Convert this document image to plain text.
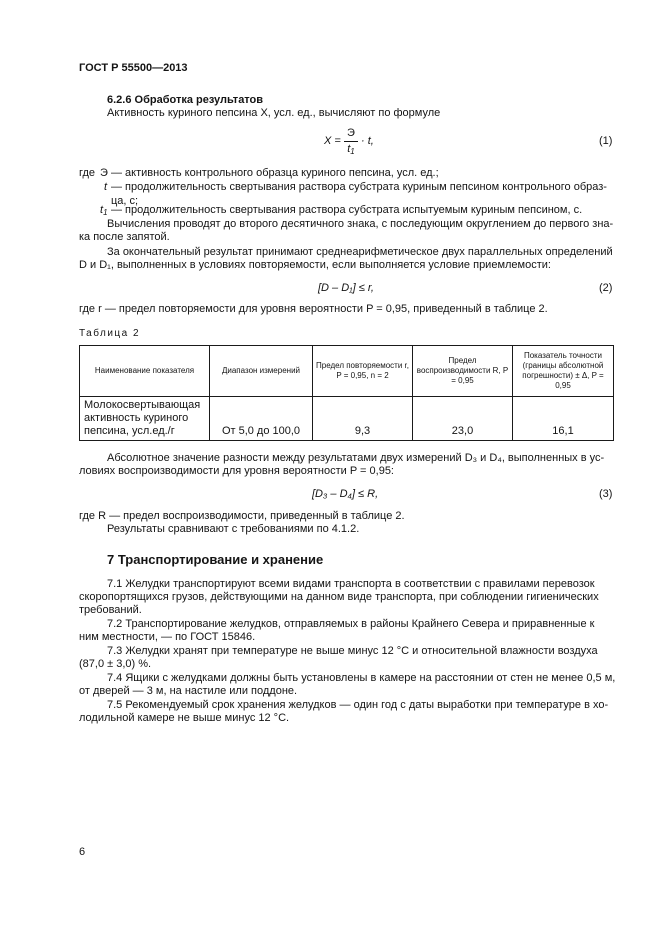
ГОСТ Р 55500—2013
6.2.6 Обработка результатов
Активность куриного пепсина X, усл. ед., вычисляют по формуле
X =
Э
$t_1$
· t,	(1)
где Э — активность контрольного образца куриного пепсина, усл. ед.;
t — продолжительность свертывания раствора субстрата куриным пепсином контрольного образ-
ца, с;
$t_1$ — продолжительность свертывания раствора субстрата испытуемым куриным пепсином, с.
Вычисления проводят до второго десятичного знака, с последующим округлением до первого зна-
ка после запятой.
За окончательный результат принимают среднеарифметическое двух параллельных определений
D и D₁, выполненных в условиях повторяемости, если выполняется условие приемлемости:
[D – D₁] ≤ r,	(2)
где r — предел повторяемости для уровня вероятности P = 0,95, приведенный в таблице 2.
Таблица 2
Наименование показателя	Диапазон измерений	Предел повторяемости r, P = 0,95, n = 2	Предел воспроизводимости R, P = 0,95	Показатель точности (границы абсолютной погрешности) ± Δ, P = 0,95
Молокосвертывающая активность куриного пепсина, усл.ед./г	От 5,0 до 100,0	9,3	23,0	16,1
Абсолютное значение разности между результатами двух измерений D₃ и D₄, выполненных в ус-
ловиях воспроизводимости для уровня вероятности P = 0,95:
[D₃ – D₄] ≤ R,	(3)
где R — предел воспроизводимости, приведенный в таблице 2.
Результаты сравнивают с требованиями по 4.1.2.
7 Транспортирование и хранение
7.1 Желудки транспортируют всеми видами транспорта в соответствии с правилами перевозок
скоропортящихся грузов, действующими на данном виде транспорта, при соблюдении гигиенических
требований.
7.2 Транспортирование желудков, отправляемых в районы Крайнего Севера и приравненные к
ним местности, — по ГОСТ 15846.
7.3 Желудки хранят при температуре не выше минус 12 °С и относительной влажности воздуха
(87,0 ± 3,0) %.
7.4 Ящики с желудками должны быть установлены в камере на расстоянии от стен не менее 0,5 м,
от дверей — 3 м, на настиле или поддоне.
7.5 Рекомендуемый срок хранения желудков — один год с даты выработки при температуре в хо-
лодильной камере не выше минус 12 °С.
6
